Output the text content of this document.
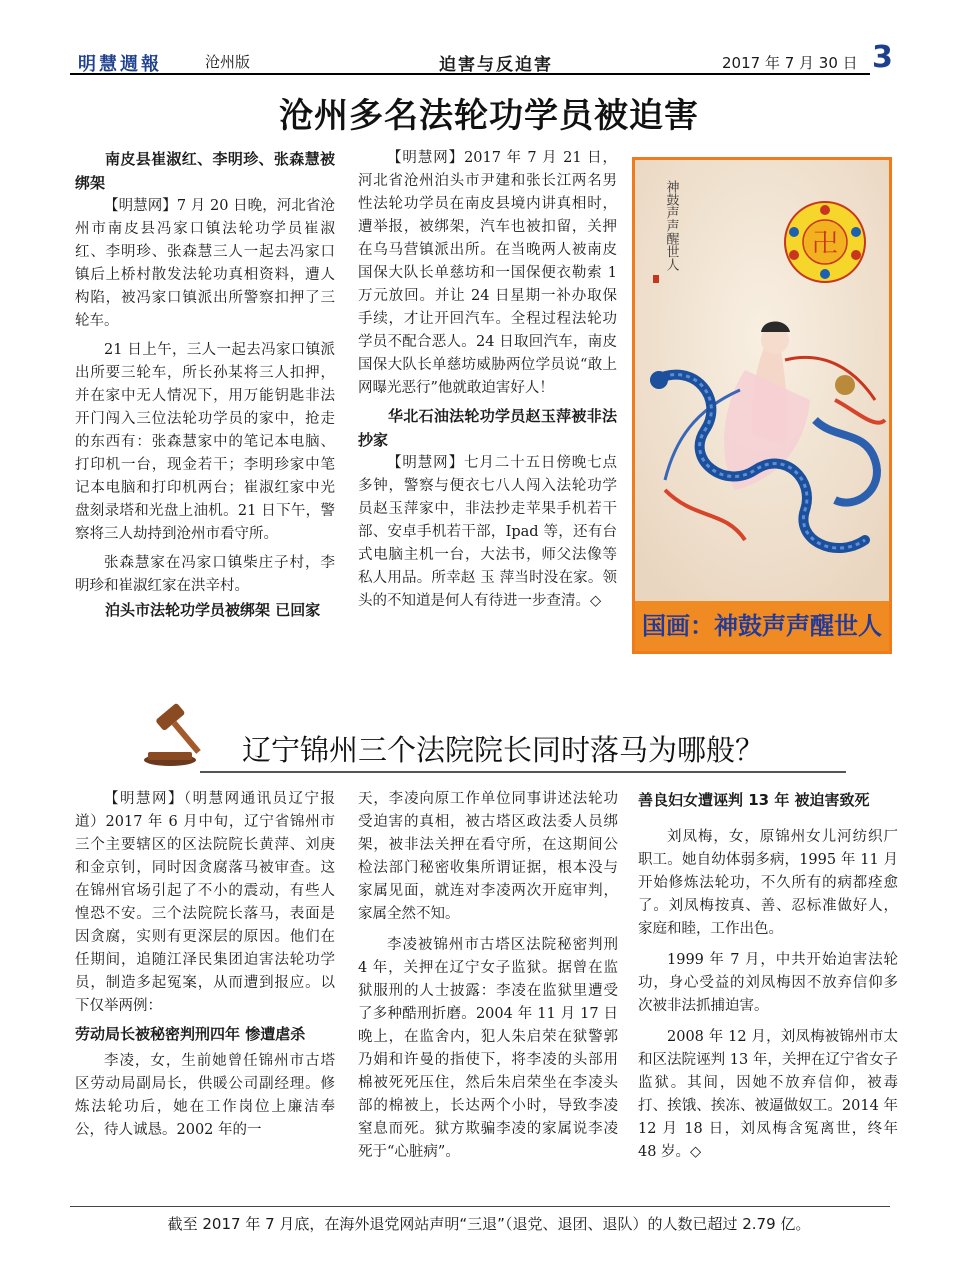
明慧週報	沧州版	迫害与反迫害	2017 年 7 月 30 日 3
沧州多名法轮功学员被迫害
南皮县崔淑红、李明珍、张森慧被绑架

【明慧网】7 月 20 日晚，河北省沧州市南皮县冯家口镇法轮功学员崔淑红、李明珍、张森慧三人一起去冯家口镇后上桥村散发法轮功真相资料，遭人构陷，被冯家口镇派出所警察扣押了三轮车。

21 日上午，三人一起去冯家口镇派出所要三轮车，所长孙某将三人扣押，并在家中无人情况下，用万能钥匙非法开门闯入三位法轮功学员的家中，抢走的东西有：张森慧家中的笔记本电脑、打印机一台，现金若干；李明珍家中笔记本电脑和打印机两台；崔淑红家中光盘刻录塔和光盘上油机。21 日下午，警察将三人劫持到沧州市看守所。

张森慧家在冯家口镇柴庄子村，李明珍和崔淑红家在洪辛村。

泊头市法轮功学员被绑架 已回家

【明慧网】2017 年 7 月 21 日，河北省沧州泊头市尹建和张长江两名男性法轮功学员在南皮县境内讲真相时，遭举报，被绑架，汽车也被扣留，关押在乌马营镇派出所。在当晚两人被南皮国保大队长单慈坊和一国保便衣勒索 1 万元放回。并让 24 日星期一补办取保手续，才让开回汽车。全程过程法轮功学员不配合恶人。24 日取回汽车，南皮国保大队长单慈坊威胁两位学员说“敢上网曝光恶行”他就敢迫害好人！

华北石油法轮功学员赵玉萍被非法抄家

【明慧网】七月二十五日傍晚七点多钟，警察与便衣七八人闯入法轮功学员赵玉萍家中，非法抄走苹果手机若干部、安卓手机若干部，Ipad 等，还有台式电脑主机一台，大法书，师父法像等私人用品。所幸赵 玉 萍当时没在家。领头的不知道是何人有待进一步查清。◇

卍
神鼓声声醒世人
国画：神鼓声声醒世人
辽宁锦州三个法院院长同时落马为哪般？

【明慧网】（明慧网通讯员辽宁报道）2017 年 6 月中旬，辽宁省锦州市三个主要辖区的区法院院长黄萍、刘庚和金京钊，同时因贪腐落马被审查。这在锦州官场引起了不小的震动，有些人惶恐不安。三个法院院长落马，表面是因贪腐，实则有更深层的原因。他们在任期间，追随江泽民集团迫害法轮功学员，制造多起冤案，从而遭到报应。以下仅举两例：

劳动局长被秘密判刑四年 惨遭虐杀

李凌，女，生前她曾任锦州市古塔区劳动局副局长，供暖公司副经理。修炼法轮功后，她在工作岗位上廉洁奉公，待人诚恳。2002 年的一

天，李凌向原工作单位同事讲述法轮功受迫害的真相，被古塔区政法委人员绑架，被非法关押在看守所，在这期间公检法部门秘密收集所谓证据，根本没与家属见面，就连对李凌两次开庭审判，家属全然不知。

李凌被锦州市古塔区法院秘密判刑 4 年，关押在辽宁女子监狱。据曾在监狱服刑的人士披露：李凌在监狱里遭受了多种酷刑折磨。2004 年 11 月 17 日晚上，在监舍内，犯人朱启荣在狱警郭乃娟和许曼的指使下，将李凌的头部用棉被死死压住，然后朱启荣坐在李凌头部的棉被上，长达两个小时，导致李凌窒息而死。狱方欺骗李凌的家属说李凌死于“心脏病”。

善良妇女遭诬判 13 年 被迫害致死

刘凤梅，女，原锦州女儿河纺织厂职工。她自幼体弱多病，1995 年 11 月开始修炼法轮功，不久所有的病都痊愈了。刘凤梅按真、善、忍标准做好人，家庭和睦，工作出色。

1999 年 7 月，中共开始迫害法轮功，身心受益的刘凤梅因不放弃信仰多次被非法抓捕迫害。

2008 年 12 月，刘凤梅被锦州市太和区法院诬判 13 年，关押在辽宁省女子监狱。其间，因她不放弃信仰，被毒打、挨饿、挨冻、被逼做奴工。2014 年 12 月 18 日，刘凤梅含冤离世，终年 48 岁。◇

截至 2017 年 7 月底，在海外退党网站声明“三退”（退党、退团、退队）的人数已超过 2.79 亿。
